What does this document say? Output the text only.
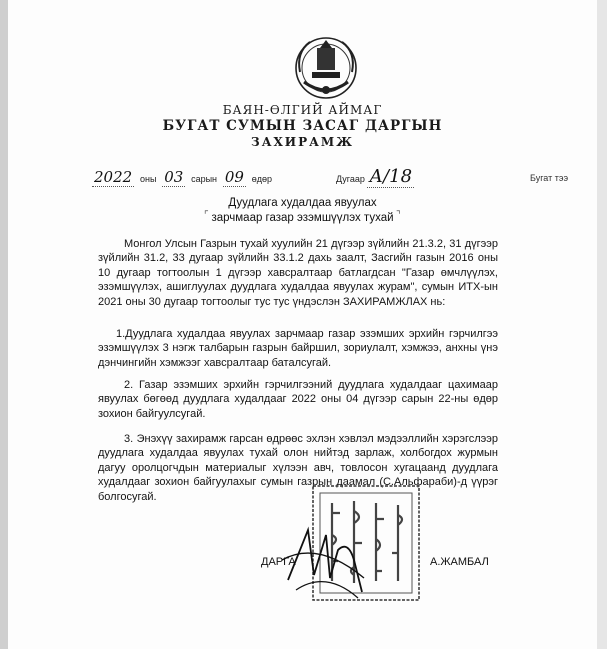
БАЯН-ӨЛГИЙ АЙМАГ
БУГАТ СУМЫН ЗАСАГ ДАРГЫН
ЗАХИРАМЖ
2022 оны 03 сарын 09 өдөр	Дугаар А/18	Бугат тээ
Дуудлага худалдаа явуулах
⌜ зарчмаар газар эзэмшүүлэх тухай ⌝
Монгол Улсын Газрын тухай хуулийн 21 дүгээр зүйлийн 21.3.2, 31 дүгээр зүйлийн 31.2, 33 дугаар зүйлийн 33.1.2 дахь заалт, Засгийн газын 2016 оны 10 дугаар тогтоолын 1 дүгээр хавсралтаар батлагдсан "Газар өмчлүүлэх, эзэмшүүлэх, ашиглуулах дуудлага худалдаа явуулах журам", сумын ИТХ-ын 2021 оны 30 дугаар тогтоолыг тус тус үндэслэн ЗАХИРАМЖЛАХ нь:
1.Дуудлага худалдаа явуулах зарчмаар газар эзэмших эрхийн гэрчилгээ эзэмшүүлэх 3 нэгж талбарын газрын байршил, зориулалт, хэмжээ, анхны үнэ дэнчингийн хэмжээг хавсралтаар баталсугай.
2. Газар эзэмших эрхийн гэрчилгээний дуудлага худалдааг цахимаар явуулах бөгөөд дуудлага худалдааг 2022 оны 04 дүгээр сарын 22-ны өдөр зохион байгуулсугай.
3. Энэхүү захирамж гарсан өдрөөс эхлэн хэвлэл мэдээллийн хэрэгслээр дуудлага худалдаа явуулах тухай олон нийтэд зарлаж, холбогдох журмын дагуу оролцогчдын материалыг хүлээн авч, товлосон хугацаанд дуудлага худалдааг зохион байгуулахыг сумын газрын даамал (С.Альфараби)-д үүрэг болгосугай.
ДАРГА	А.ЖАМБАЛ
